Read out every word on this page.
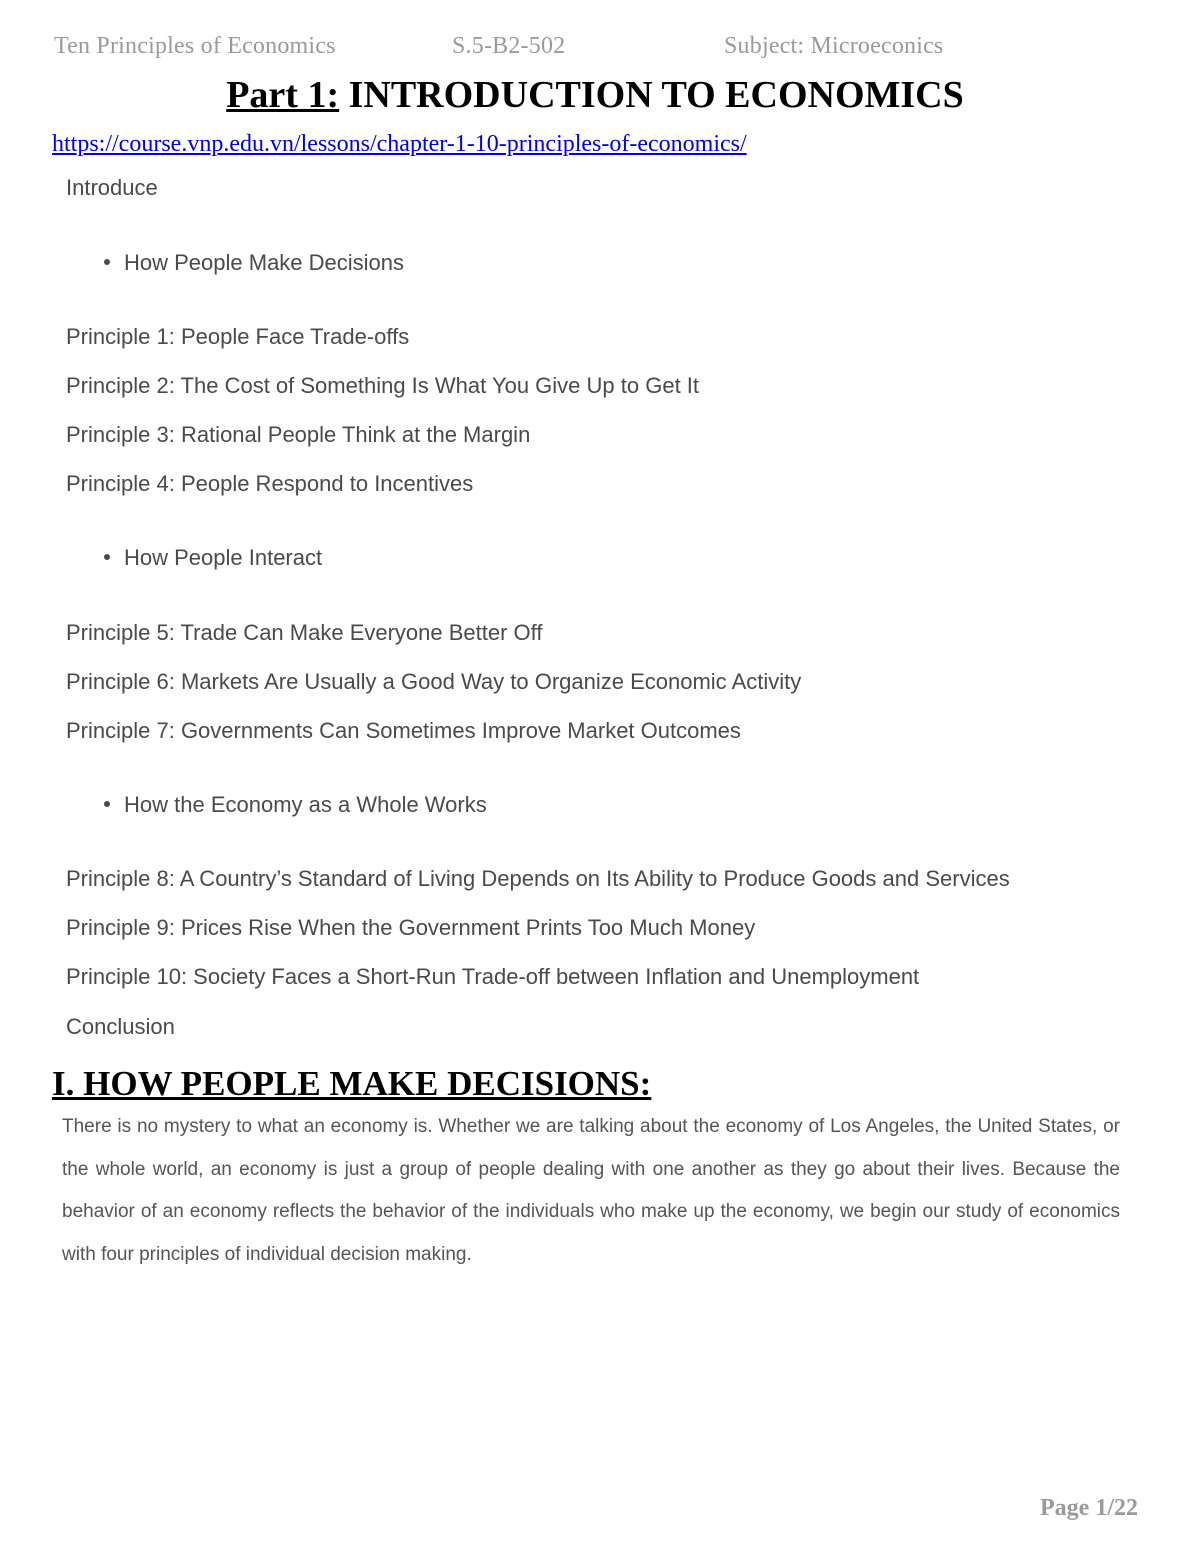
Ten Principles of Economics	S.5-B2-502	Subject: Microeconics
Part 1: INTRODUCTION TO ECONOMICS
https://course.vnp.edu.vn/lessons/chapter-1-10-principles-of-economics/
Introduce
How People Make Decisions
Principle 1: People Face Trade-offs
Principle 2: The Cost of Something Is What You Give Up to Get It
Principle 3: Rational People Think at the Margin
Principle 4: People Respond to Incentives
How People Interact
Principle 5: Trade Can Make Everyone Better Off
Principle 6: Markets Are Usually a Good Way to Organize Economic Activity
Principle 7: Governments Can Sometimes Improve Market Outcomes
How the Economy as a Whole Works
Principle 8: A Country’s Standard of Living Depends on Its Ability to Produce Goods and Services
Principle 9: Prices Rise When the Government Prints Too Much Money
Principle 10: Society Faces a Short-Run Trade-off between Inflation and Unemployment
Conclusion
I. HOW PEOPLE MAKE DECISIONS:
There is no mystery to what an economy is. Whether we are talking about the economy of Los Angeles, the United States, or the whole world, an economy is just a group of people dealing with one another as they go about their lives. Because the behavior of an economy reflects the behavior of the individuals who make up the economy, we begin our study of economics with four principles of individual decision making.
Page 1/22
